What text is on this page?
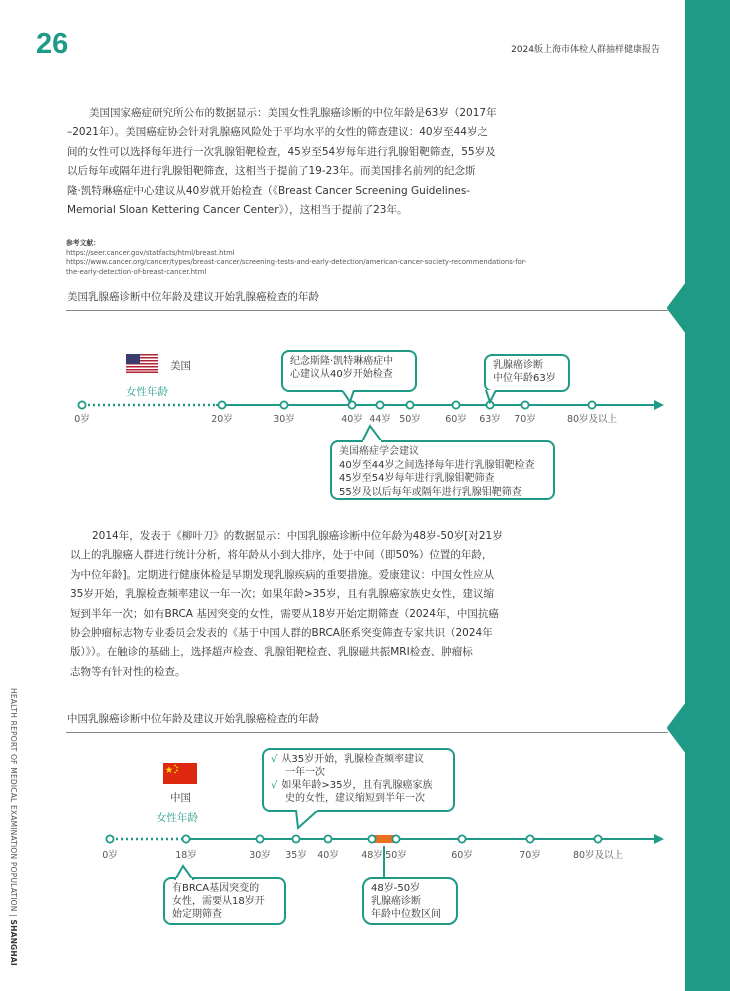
26	2024版上海市体检人群抽样健康报告
HEALTH REPORT OF MEDICAL EXAMINATION POPULATION | SHANGHAI
美国国家癌症研究所公布的数据显示：美国女性乳腺癌诊断的中位年龄是63岁（2017年
–2021年）。美国癌症协会针对乳腺癌风险处于平均水平的女性的筛查建议：40岁至44岁之
间的女性可以选择每年进行一次乳腺钼靶检查，45岁至54岁每年进行乳腺钼靶筛查，55岁及
以后每年或隔年进行乳腺钼靶筛查，这相当于提前了19-23年。而美国排名前列的纪念斯
隆·凯特琳癌症中心建议从40岁就开始检查（《Breast Cancer Screening Guidelines-
Memorial Sloan Kettering Cancer Center》），这相当于提前了23年。
参考文献：
https://seer.cancer.gov/statfacts/html/breast.html
https://www.cancer.org/cancer/types/breast-cancer/screening-tests-and-early-detection/american-cancer-society-recommendations-for-
the-early-detection-of-breast-cancer.html
美国乳腺癌诊断中位年龄及建议开始乳腺癌检查的年龄
美国
女性年龄
0岁	20岁	30岁	40岁 44岁 50岁	60岁 63岁 70岁	80岁及以上
纪念斯隆·凯特琳癌症中
心建议从40岁开始检查
乳腺癌诊断
中位年龄63岁
美国癌症学会建议
40岁至44岁之间选择每年进行乳腺钼靶检查
45岁至54岁每年进行乳腺钼靶筛查
55岁及以后每年或隔年进行乳腺钼靶筛查
2014年，发表于《柳叶刀》的数据显示：中国乳腺癌诊断中位年龄为48岁-50岁[对21岁
以上的乳腺癌人群进行统计分析，将年龄从小到大排序，处于中间（即50%）位置的年龄，
为中位年龄]。定期进行健康体检是早期发现乳腺疾病的重要措施。爱康建议：中国女性应从
35岁开始，乳腺检查频率建议一年一次；如果年龄>35岁，且有乳腺癌家族史女性，建议缩
短到半年一次；如有BRCA 基因突变的女性，需要从18岁开始定期筛查（2024年，中国抗癌
协会肿瘤标志物专业委员会发表的《基于中国人群的BRCA胚系突变筛查专家共识（2024年
版）》）。在触诊的基础上，选择超声检查、乳腺钼靶检查、乳腺磁共振MRI检查、肿瘤标
志物等有针对性的检查。
中国乳腺癌诊断中位年龄及建议开始乳腺癌检查的年龄
中国
女性年龄
0岁	18岁	30岁 35岁 40岁 48岁 50岁	60岁	70岁	80岁及以上
√ 从35岁开始，乳腺检查频率建议
一年一次
√ 如果年龄>35岁，且有乳腺癌家族
史的女性，建议缩短到半年一次
有BRCA基因突变的
女性，需要从18岁开
始定期筛查
48岁-50岁
乳腺癌诊断
年龄中位数区间
